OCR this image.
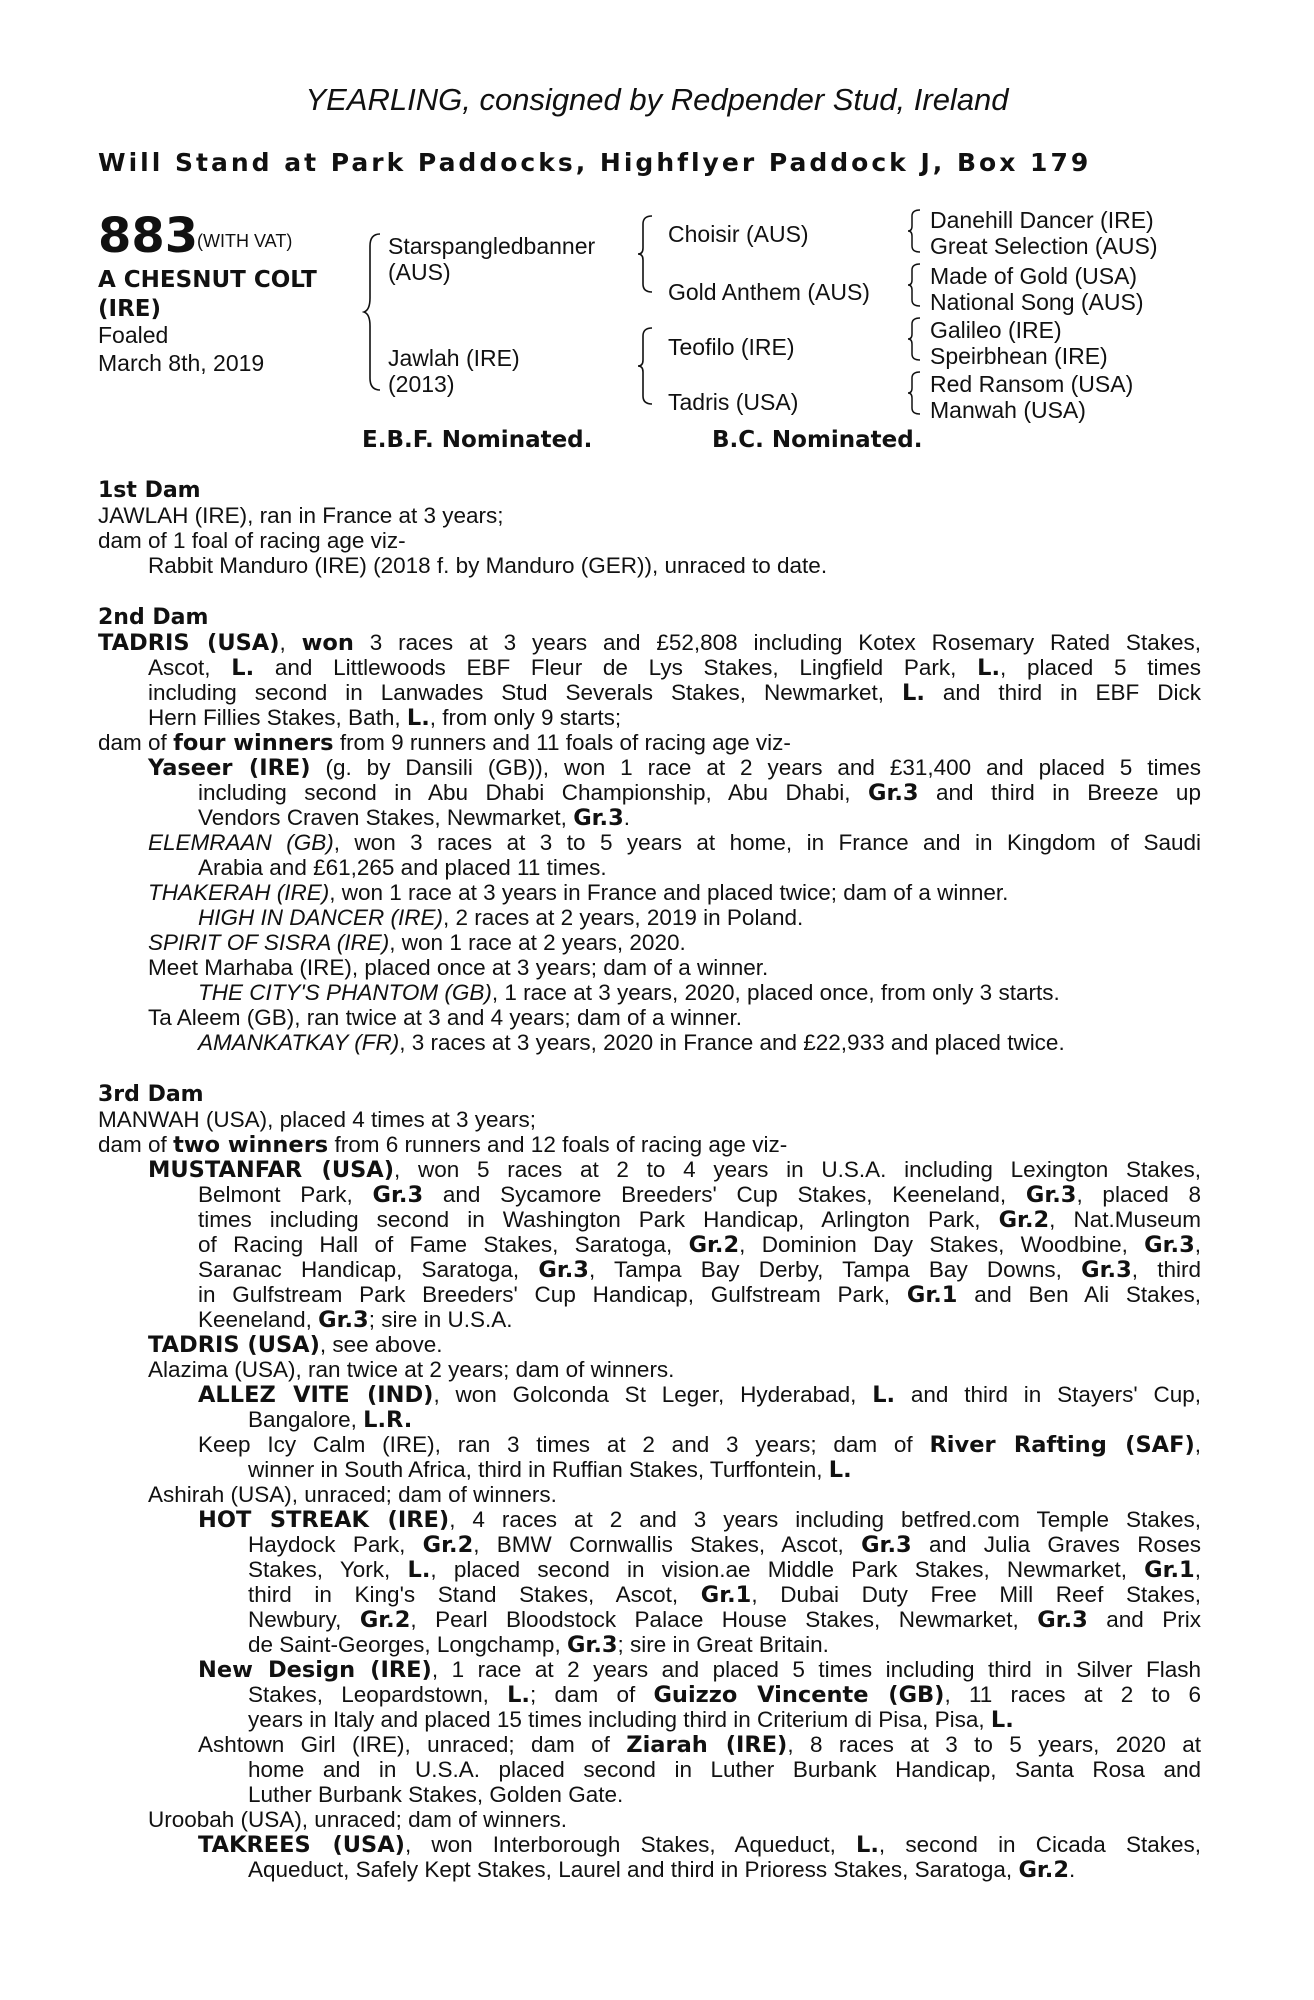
YEARLING, consigned by Redpender Stud, Ireland
Will Stand at Park Paddocks, Highflyer Paddock J, Box 179
883
(WITH VAT)
A CHESNUT COLT
(IRE)
Foaled
March 8th, 2019
Starspangledbanner
(AUS)
Jawlah (IRE)
(2013)
Choisir (AUS)
Gold Anthem (AUS)
Teofilo (IRE)
Tadris (USA)
Danehill Dancer (IRE)
Great Selection (AUS)
Made of Gold (USA)
National Song (AUS)
Galileo (IRE)
Speirbhean (IRE)
Red Ransom (USA)
Manwah (USA)
E.B.F. Nominated.	B.C. Nominated.
1st Dam
JAWLAH (IRE), ran in France at 3 years;
dam of 1 foal of racing age viz-
Rabbit Manduro (IRE) (2018 f. by Manduro (GER)), unraced to date.
2nd Dam
TADRIS (USA), won 3 races at 3 years and £52,808 including Kotex Rosemary Rated Stakes,
Ascot, L. and Littlewoods EBF Fleur de Lys Stakes, Lingfield Park, L., placed 5 times
including second in Lanwades Stud Severals Stakes, Newmarket, L. and third in EBF Dick
Hern Fillies Stakes, Bath, L., from only 9 starts;
dam of four winners from 9 runners and 11 foals of racing age viz-
Yaseer (IRE) (g. by Dansili (GB)), won 1 race at 2 years and £31,400 and placed 5 times
including second in Abu Dhabi Championship, Abu Dhabi, Gr.3 and third in Breeze up
Vendors Craven Stakes, Newmarket, Gr.3.
ELEMRAAN (GB), won 3 races at 3 to 5 years at home, in France and in Kingdom of Saudi
Arabia and £61,265 and placed 11 times.
THAKERAH (IRE), won 1 race at 3 years in France and placed twice; dam of a winner.
HIGH IN DANCER (IRE), 2 races at 2 years, 2019 in Poland.
SPIRIT OF SISRA (IRE), won 1 race at 2 years, 2020.
Meet Marhaba (IRE), placed once at 3 years; dam of a winner.
THE CITY'S PHANTOM (GB), 1 race at 3 years, 2020, placed once, from only 3 starts.
Ta Aleem (GB), ran twice at 3 and 4 years; dam of a winner.
AMANKATKAY (FR), 3 races at 3 years, 2020 in France and £22,933 and placed twice.
3rd Dam
MANWAH (USA), placed 4 times at 3 years;
dam of two winners from 6 runners and 12 foals of racing age viz-
MUSTANFAR (USA), won 5 races at 2 to 4 years in U.S.A. including Lexington Stakes,
Belmont Park, Gr.3 and Sycamore Breeders' Cup Stakes, Keeneland, Gr.3, placed 8
times including second in Washington Park Handicap, Arlington Park, Gr.2, Nat.Museum
of Racing Hall of Fame Stakes, Saratoga, Gr.2, Dominion Day Stakes, Woodbine, Gr.3,
Saranac Handicap, Saratoga, Gr.3, Tampa Bay Derby, Tampa Bay Downs, Gr.3, third
in Gulfstream Park Breeders' Cup Handicap, Gulfstream Park, Gr.1 and Ben Ali Stakes,
Keeneland, Gr.3; sire in U.S.A.
TADRIS (USA), see above.
Alazima (USA), ran twice at 2 years; dam of winners.
ALLEZ VITE (IND), won Golconda St Leger, Hyderabad, L. and third in Stayers' Cup,
Bangalore, L.R.
Keep Icy Calm (IRE), ran 3 times at 2 and 3 years; dam of River Rafting (SAF),
winner in South Africa, third in Ruffian Stakes, Turffontein, L.
Ashirah (USA), unraced; dam of winners.
HOT STREAK (IRE), 4 races at 2 and 3 years including betfred.com Temple Stakes,
Haydock Park, Gr.2, BMW Cornwallis Stakes, Ascot, Gr.3 and Julia Graves Roses
Stakes, York, L., placed second in vision.ae Middle Park Stakes, Newmarket, Gr.1,
third in King's Stand Stakes, Ascot, Gr.1, Dubai Duty Free Mill Reef Stakes,
Newbury, Gr.2, Pearl Bloodstock Palace House Stakes, Newmarket, Gr.3 and Prix
de Saint-Georges, Longchamp, Gr.3; sire in Great Britain.
New Design (IRE), 1 race at 2 years and placed 5 times including third in Silver Flash
Stakes, Leopardstown, L.; dam of Guizzo Vincente (GB), 11 races at 2 to 6
years in Italy and placed 15 times including third in Criterium di Pisa, Pisa, L.
Ashtown Girl (IRE), unraced; dam of Ziarah (IRE), 8 races at 3 to 5 years, 2020 at
home and in U.S.A. placed second in Luther Burbank Handicap, Santa Rosa and
Luther Burbank Stakes, Golden Gate.
Uroobah (USA), unraced; dam of winners.
TAKREES (USA), won Interborough Stakes, Aqueduct, L., second in Cicada Stakes,
Aqueduct, Safely Kept Stakes, Laurel and third in Prioress Stakes, Saratoga, Gr.2.
